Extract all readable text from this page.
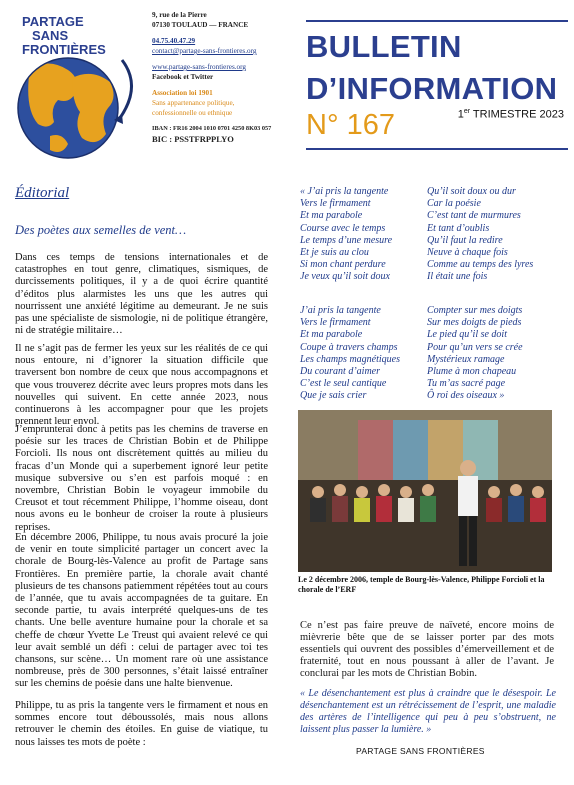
PARTAGE
SANS
FRONTIÈRES
9, rue de la Pierre
07130 TOULAUD — FRANCE
04.75.40.47.29
contact@partage-sans-frontieres.org
www.partage-sans-frontieres.org
Facebook et Twitter
Association loi 1901
Sans appartenance politique,
confessionnelle ou ethnique
IBAN : FR16 2004 1010 0701 4250 8K03 057
BIC : PSSTFRPPLYO
BULLETIN
D’INFORMATION
N° 167	1er TRIMESTRE 2023
Éditorial
Des poètes aux semelles de vent…

Dans ces temps de tensions internationales et de catastrophes en tout genre, climatiques, sismiques, de durcissements politiques, il y a de quoi écrire quantité d’éditos plus alarmistes les uns que les autres qui nourrissent une anxiété légitime au demeurant. Je ne suis pas une spécialiste de sismologie, ni de politique étrangère, ni de stratégie militaire…

Il ne s’agit pas de fermer les yeux sur les réalités de ce qui nous entoure, ni d’ignorer la situation difficile que traversent bon nombre de ceux que nous accompagnons et que vous trouverez décrite avec leurs propres mots dans les nouvelles qui suivent. En cette année 2023, nous continuerons à les accompagner pour que les projets prennent leur envol.

J’emprunterai donc à petits pas les chemins de traverse en poésie sur les traces de Christian Bobin et de Philippe Forcioli. Ils nous ont discrètement quittés au milieu du fracas d’un Monde qui a superbement ignoré leur petite musique subversive ou s’en est parfois moqué : en novembre, Christian Bobin le voyageur immobile du Creusot et tout récemment Philippe, l’homme oiseau, dont nous avons eu le bonheur de croiser la route à plusieurs reprises.

En décembre 2006, Philippe, tu nous avais procuré la joie de venir en toute simplicité partager un concert avec la chorale de Bourg-lès-Valence au profit de Partage sans Frontières. En première partie, la chorale avait chanté plusieurs de tes chansons patiemment répétées tout au cours de l’année, que tu avais accompagnées de ta guitare. En seconde partie, tu avais interprété quelques-uns de tes chants. Une belle aventure humaine pour la chorale et sa cheffe de chœur Yvette Le Treust qui avaient relevé ce qui leur avait semblé un défi : celui de partager avec toi tes chansons, sur scène… Un moment rare où une assistance nombreuse, près de 300 personnes, s’était laissé entraîner sur les chemins de poésie dans une halte bienvenue.

Philippe, tu as pris la tangente vers le firmament et nous en sommes encore tout déboussolés, mais nous allons retrouver le chemin des étoiles. En guise de viatique, tu nous laisses tes mots de poète :

« J’ai pris la tangente
Vers le firmament
Et ma parabole
Course avec le temps
Le temps d’une mesure
Et je suis au clou
Si mon chant perdure
Je veux qu’il soit doux
Qu’il soit doux ou dur
Car la poésie
C’est tant de murmures
Et tant d’oublis
Qu’il faut la redire
Neuve à chaque fois
Comme au temps des lyres
Il était une fois
J’ai pris la tangente
Vers le firmament
Et ma parabole
Coupe à travers champs
Les champs magnétiques
Du courant d’aimer
C’est le seul cantique
Que je sais crier
Compter sur mes doigts
Sur mes doigts de pieds
Le pied qu’il se doit
Pour qu’un vers se crée
Mystérieux ramage
Plume à mon chapeau
Tu m’as sacré page
Ô roi des oiseaux »
Le 2 décembre 2006, temple de Bourg-lès-Valence, Philippe Forcioli et la chorale de l’ERF
Ce n’est pas faire preuve de naïveté, encore moins de mièvrerie bête que de se laisser porter par des mots essentiels qui ouvrent des possibles d’émerveillement et de fraternité, tout en nous poussant à aller de l’avant. Je conclurai par les mots de Christian Bobin.
« Le désenchantement est plus à craindre que le désespoir. Le désenchantement est un rétrécissement de l’esprit, une maladie des artères de l’intelligence qui peu à peu s’obstruent, ne laissent plus passer la lumière. »
PARTAGE SANS FRONTIÈRES
